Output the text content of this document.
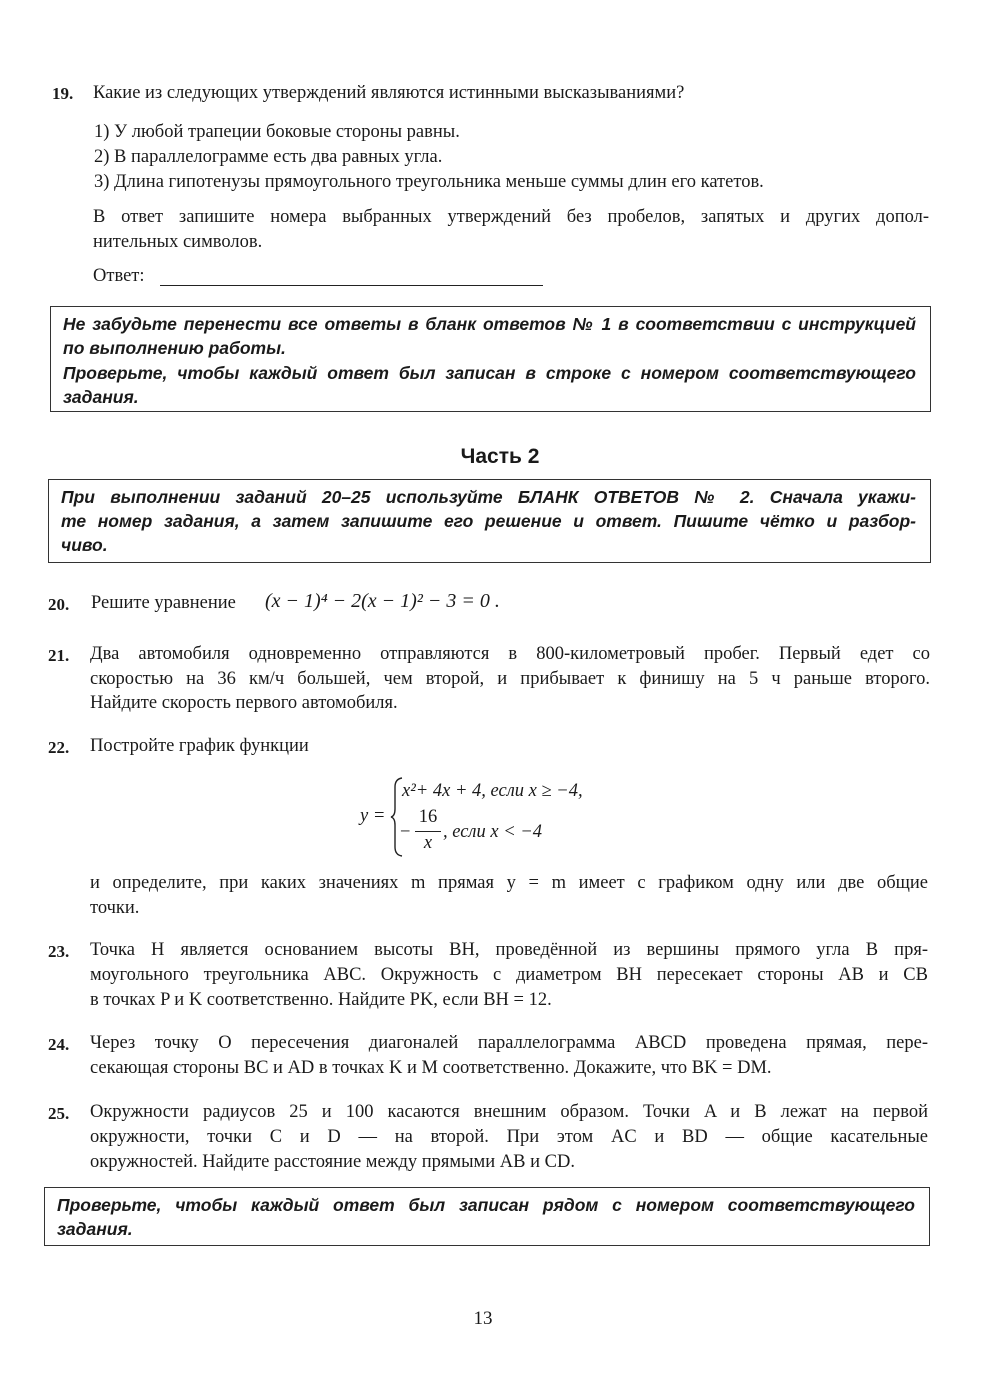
19. Какие из следующих утверждений являются истинными высказываниями?
1) У любой трапеции боковые стороны равны.
2) В параллелограмме есть два равных угла.
3) Длина гипотенузы прямоугольного треугольника меньше суммы длин его катетов.
В ответ запишите номера выбранных утверждений без пробелов, запятых и других допол-
нительных символов.
Ответ:
Не забудьте перенести все ответы в бланк ответов № 1 в соответствии с инструкцией
по выполнению работы.
Проверьте, чтобы каждый ответ был записан в строке с номером соответствующего
задания.
Часть 2
При выполнении заданий 20–25 используйте БЛАНК ОТВЕТОВ № 2. Сначала укажи-
те номер задания, а затем запишите его решение и ответ. Пишите чётко и разбор-
чиво.
20. Решите уравнение (x − 1)⁴ − 2(x − 1)² − 3 = 0 .
21. Два автомобиля одновременно отправляются в 800-километровый пробег. Первый едет со
скоростью на 36 км/ч большей, чем второй, и прибывает к финишу на 5 ч раньше второго.
Найдите скорость первого автомобиля.
22. Постройте график функции
y =
x²+ 4x + 4, если x ≥ −4,
−
16
x
, если x < −4
и определите, при каких значениях m прямая y = m имеет с графиком одну или две общие
точки.
23. Точка H является основанием высоты BH, проведённой из вершины прямого угла B пря-
моугольного треугольника ABC. Окружность с диаметром BH пересекает стороны AB и CB
в точках P и K соответственно. Найдите PK, если BH = 12.
24. Через точку O пересечения диагоналей параллелограмма ABCD проведена прямая, пере-
секающая стороны BC и AD в точках K и M соответственно. Докажите, что BK = DM.
25. Окружности радиусов 25 и 100 касаются внешним образом. Точки A и B лежат на первой
окружности, точки C и D — на второй. При этом AC и BD — общие касательные
окружностей. Найдите расстояние между прямыми AB и CD.
Проверьте, чтобы каждый ответ был записан рядом с номером соответствующего
задания.
13
